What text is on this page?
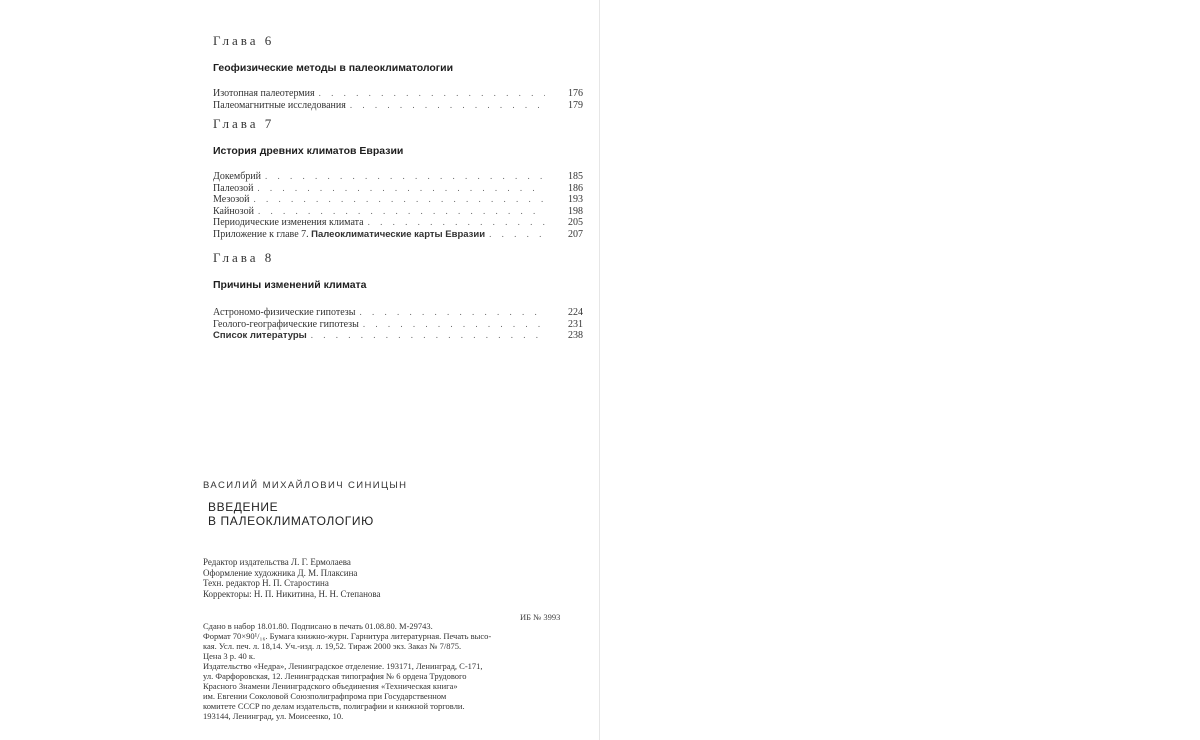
Глава 6
Геофизические методы в палеоклиматологии
Изотопная палеотермия . . .	176
Палеомагнитные исследования . . .	179
Глава 7
История древних климатов Евразии
Докембрий . . .	185
Палеозой . . .	186
Мезозой . . .	193
Кайнозой . . .	198
Периодические изменения климата . . .	205
Приложение к главе 7. Палеоклиматические карты Евразии . . .	207
Глава 8
Причины изменений климата
Астрономо-физические гипотезы . . .	224
Геолого-географические гипотезы . . .	231
Список литературы . . .	238
ВАСИЛИЙ МИХАЙЛОВИЧ СИНИЦЫН
ВВЕДЕНИЕ
В ПАЛЕОКЛИМАТОЛОГИЮ
Редактор издательства Л. Г. Ермолаева
Оформление художника Д. М. Плаксина
Техн. редактор Н. П. Старостина
Корректоры: Н. П. Никитина, Н. Н. Степанова
ИБ № 3993
Сдано в набор 18.01.80. Подписано в печать 01.08.80. М-29743.
Формат 70×90¹/₁₆. Бумага книжно-журн. Гарнитура литературная. Печать высо-
кая. Усл. печ. л. 18,14. Уч.-изд. л. 19,52. Тираж 2000 экз. Заказ № 7/875.
Цена 3 р. 40 к.
Издательство «Недра», Ленинградское отделение. 193171, Ленинград, С-171,
ул. Фарфоровская, 12. Ленинградская типография № 6 ордена Трудового
Красного Знамени Ленинградского объединения «Техническая книга»
им. Евгении Соколовой Союзполиграфпрома при Государственном
комитете СССР по делам издательств, полиграфии и книжной торговли.
193144, Ленинград, ул. Моисеенко, 10.
